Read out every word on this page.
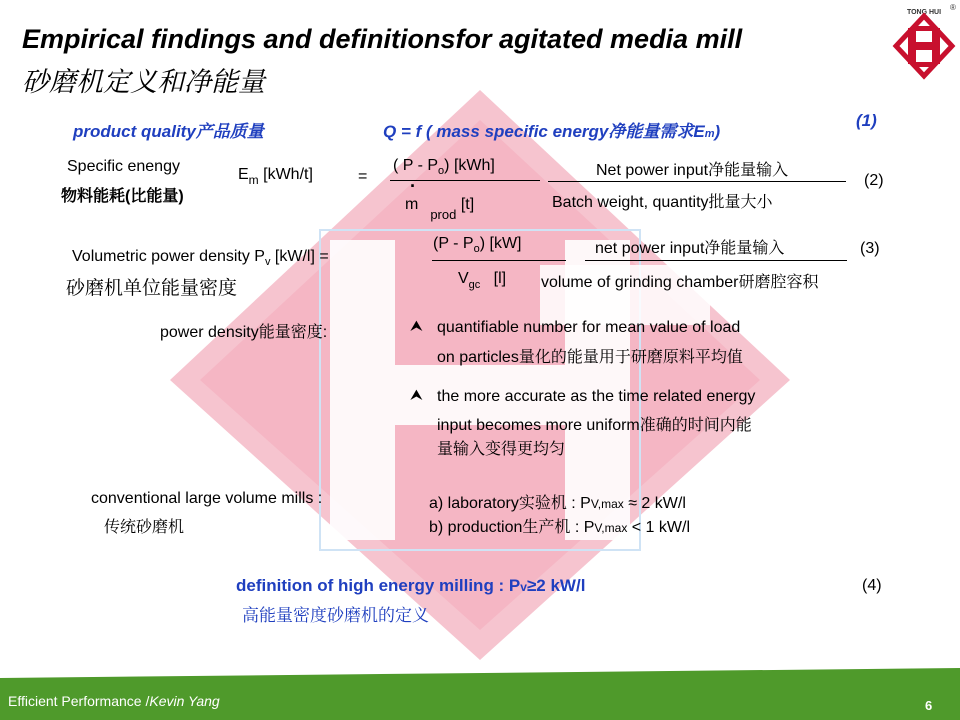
TONG HUI
®
Empirical findings and definitionsfor agitated media mill
砂磨机定义和净能量
product quality产品质量	Q = f ( mass specific energy净能量需求Em)
(1)
Specific enengy
物料能耗(比能量)
$E_m$ [kWh/t]	=
( P - $P_o$) [kWh]
·
$m_{prod}$ [t]
Net power input净能量输入
Batch weight, quantity批量大小
(2)
Volumetric power density $P_v$ [kW/l] =
砂磨机单位能量密度
$(P - P_o)$ [kW]
$V_{gc}$ [l]
net power input净能量输入
volume of grinding chamber研磨腔容积
(3)
power density能量密度:	⮝ quantifiable number for mean value of load
on particles量化的能量用于研磨原料平均值
⮝ the more accurate as the time related energy
input becomes more uniform准确的时间内能
量输入变得更均匀
conventional large volume mills :
传统砂磨机
a) laboratory实验机 : PV,max ≈ 2 kW/l
b) production生产机 : PV,max < 1 kW/l
definition of high energy milling : Pv≥2 kW/l
高能量密度砂磨机的定义
(4)
Efficient Performance /Kevin Yang	6
